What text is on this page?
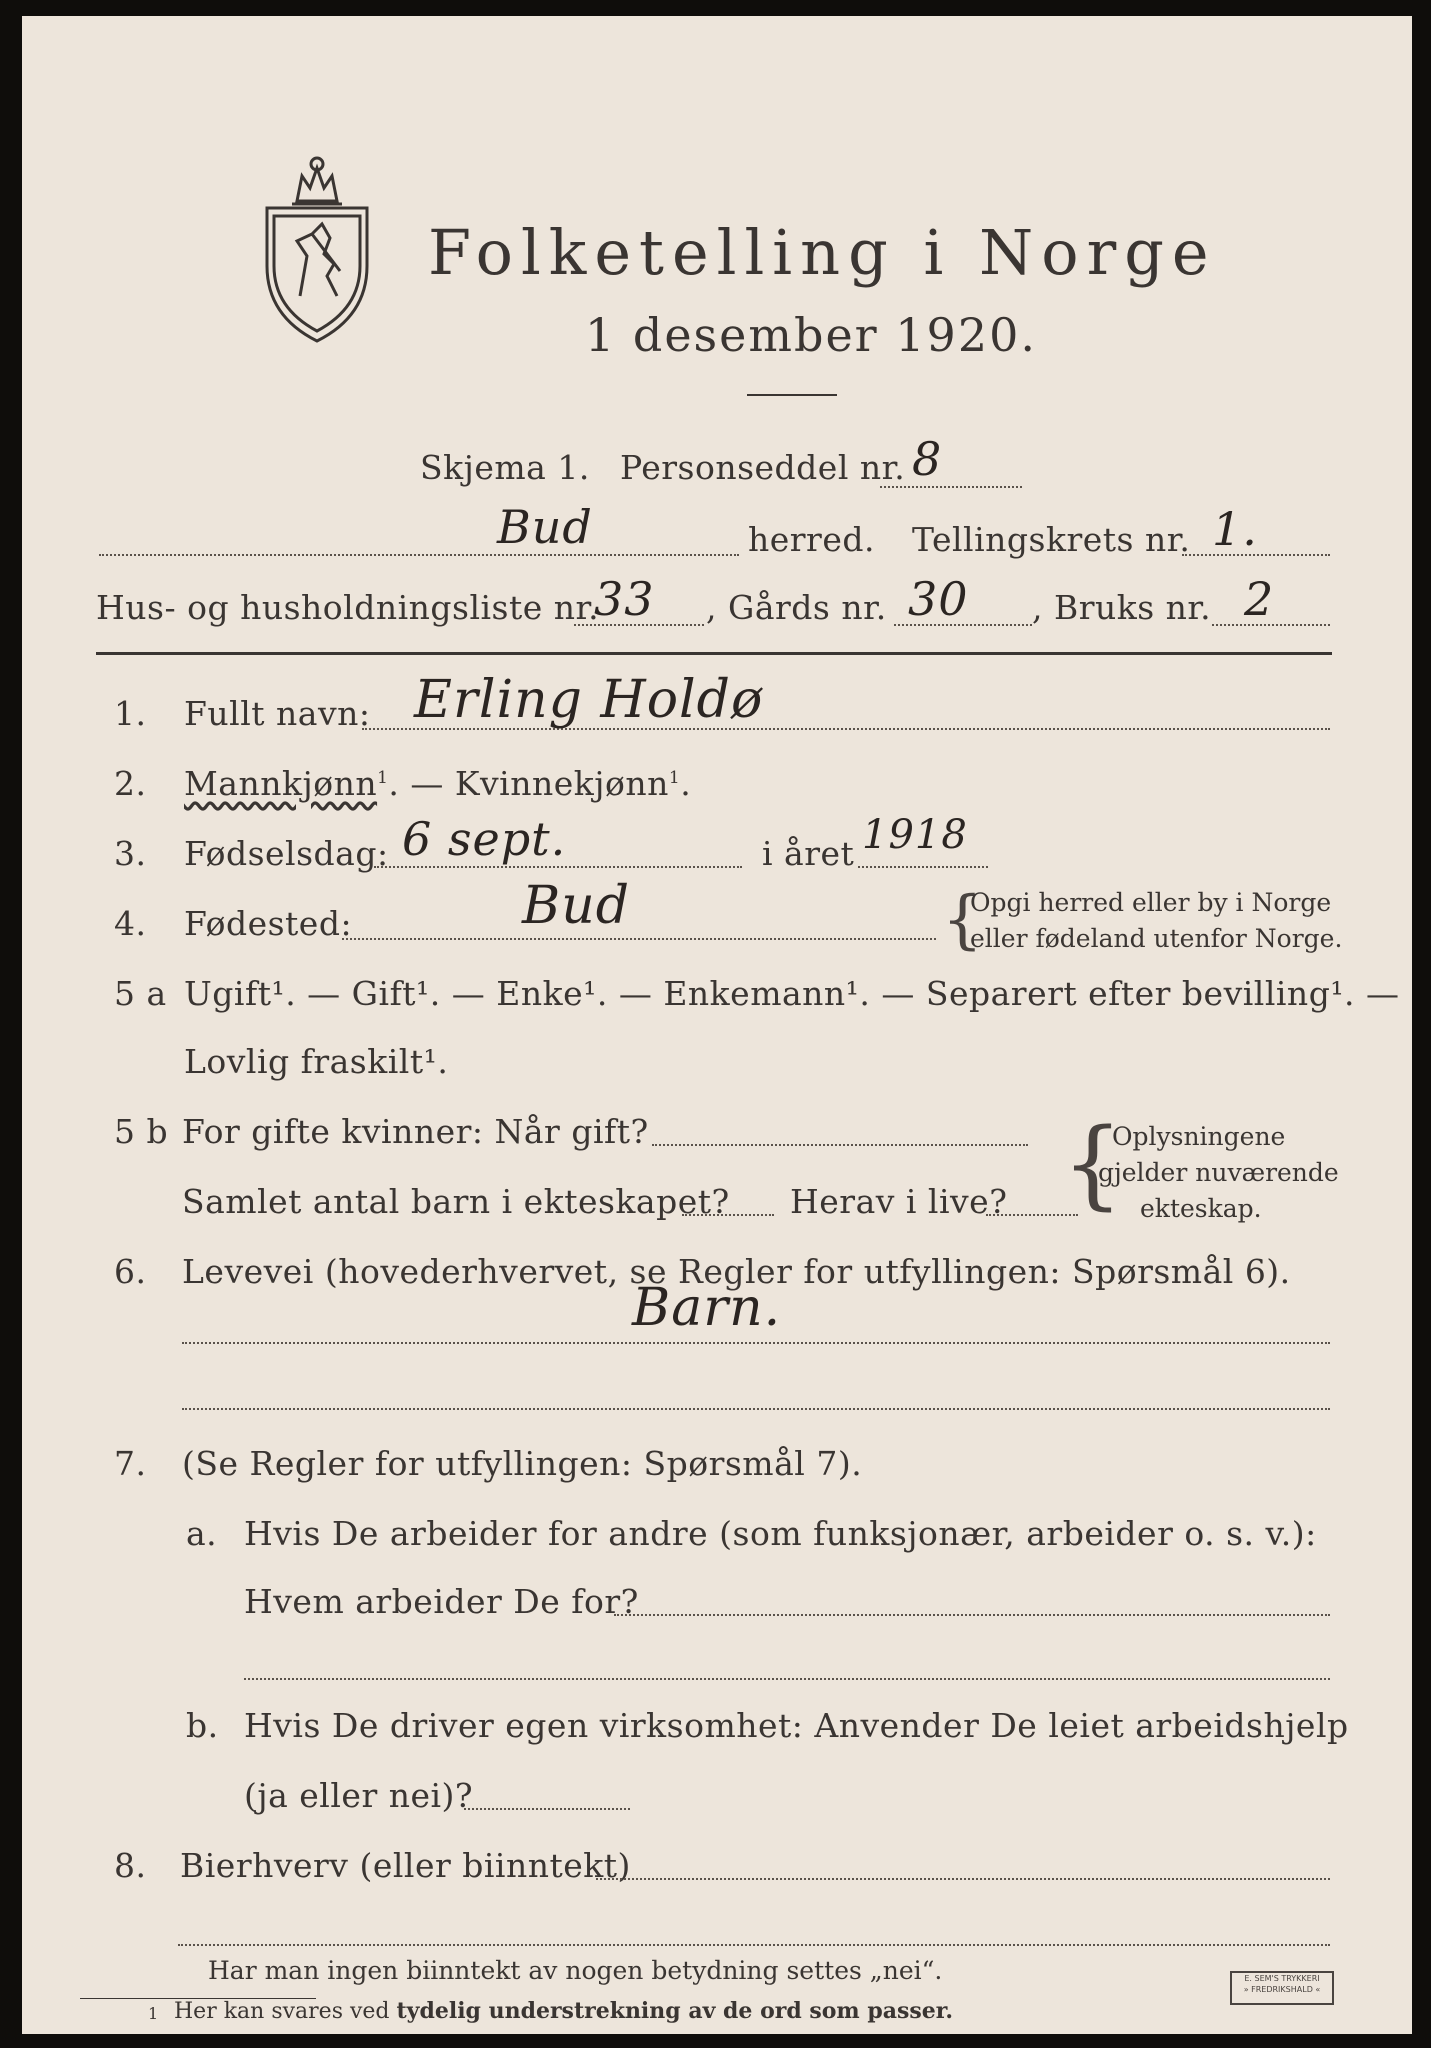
Folketelling i Norge
1 desember 1920.
Skjema 1. Personseddel nr. 8
Bud	herred. Tellingskrets nr. 1.
Hus- og husholdningsliste nr.
33 , Gårds nr. 30 , Bruks nr. 2
1. Fullt navn: Erling Holdø
2. Mannkjønn$^1$. — Kvinnekjønn$^1$.
3. Fødselsdag: 6 sept.	i året 1918
4. Fødested:	Bud	{
Opgi herred eller by i Norge
eller fødeland utenfor Norge.
5 a Ugift¹. — Gift¹. — Enke¹. — Enkemann¹. — Separert efter bevilling¹. —
Lovlig fraskilt¹.
5 b For gifte kvinner: Når gift?
Samlet antal barn i ekteskapet? Herav i live? {
Oplysningene
gjelder nuværende
ekteskap.
6. Levevei (hovederhvervet, se Regler for utfyllingen: Spørsmål 6).
Barn.
7. (Se Regler for utfyllingen: Spørsmål 7).
a. Hvis De arbeider for andre (som funksjonær, arbeider o. s. v.):
Hvem arbeider De for?
b. Hvis De driver egen virksomhet: Anvender De leiet arbeidshjelp
(ja eller nei)?
8. Bierhverv (eller biinntekt)
Har man ingen biinntekt av nogen betydning settes „nei“.
1 Her kan svares ved tydelig understrekning av de ord som passer.
E. SEM'S TRYKKERI
» FREDRIKSHALD «
